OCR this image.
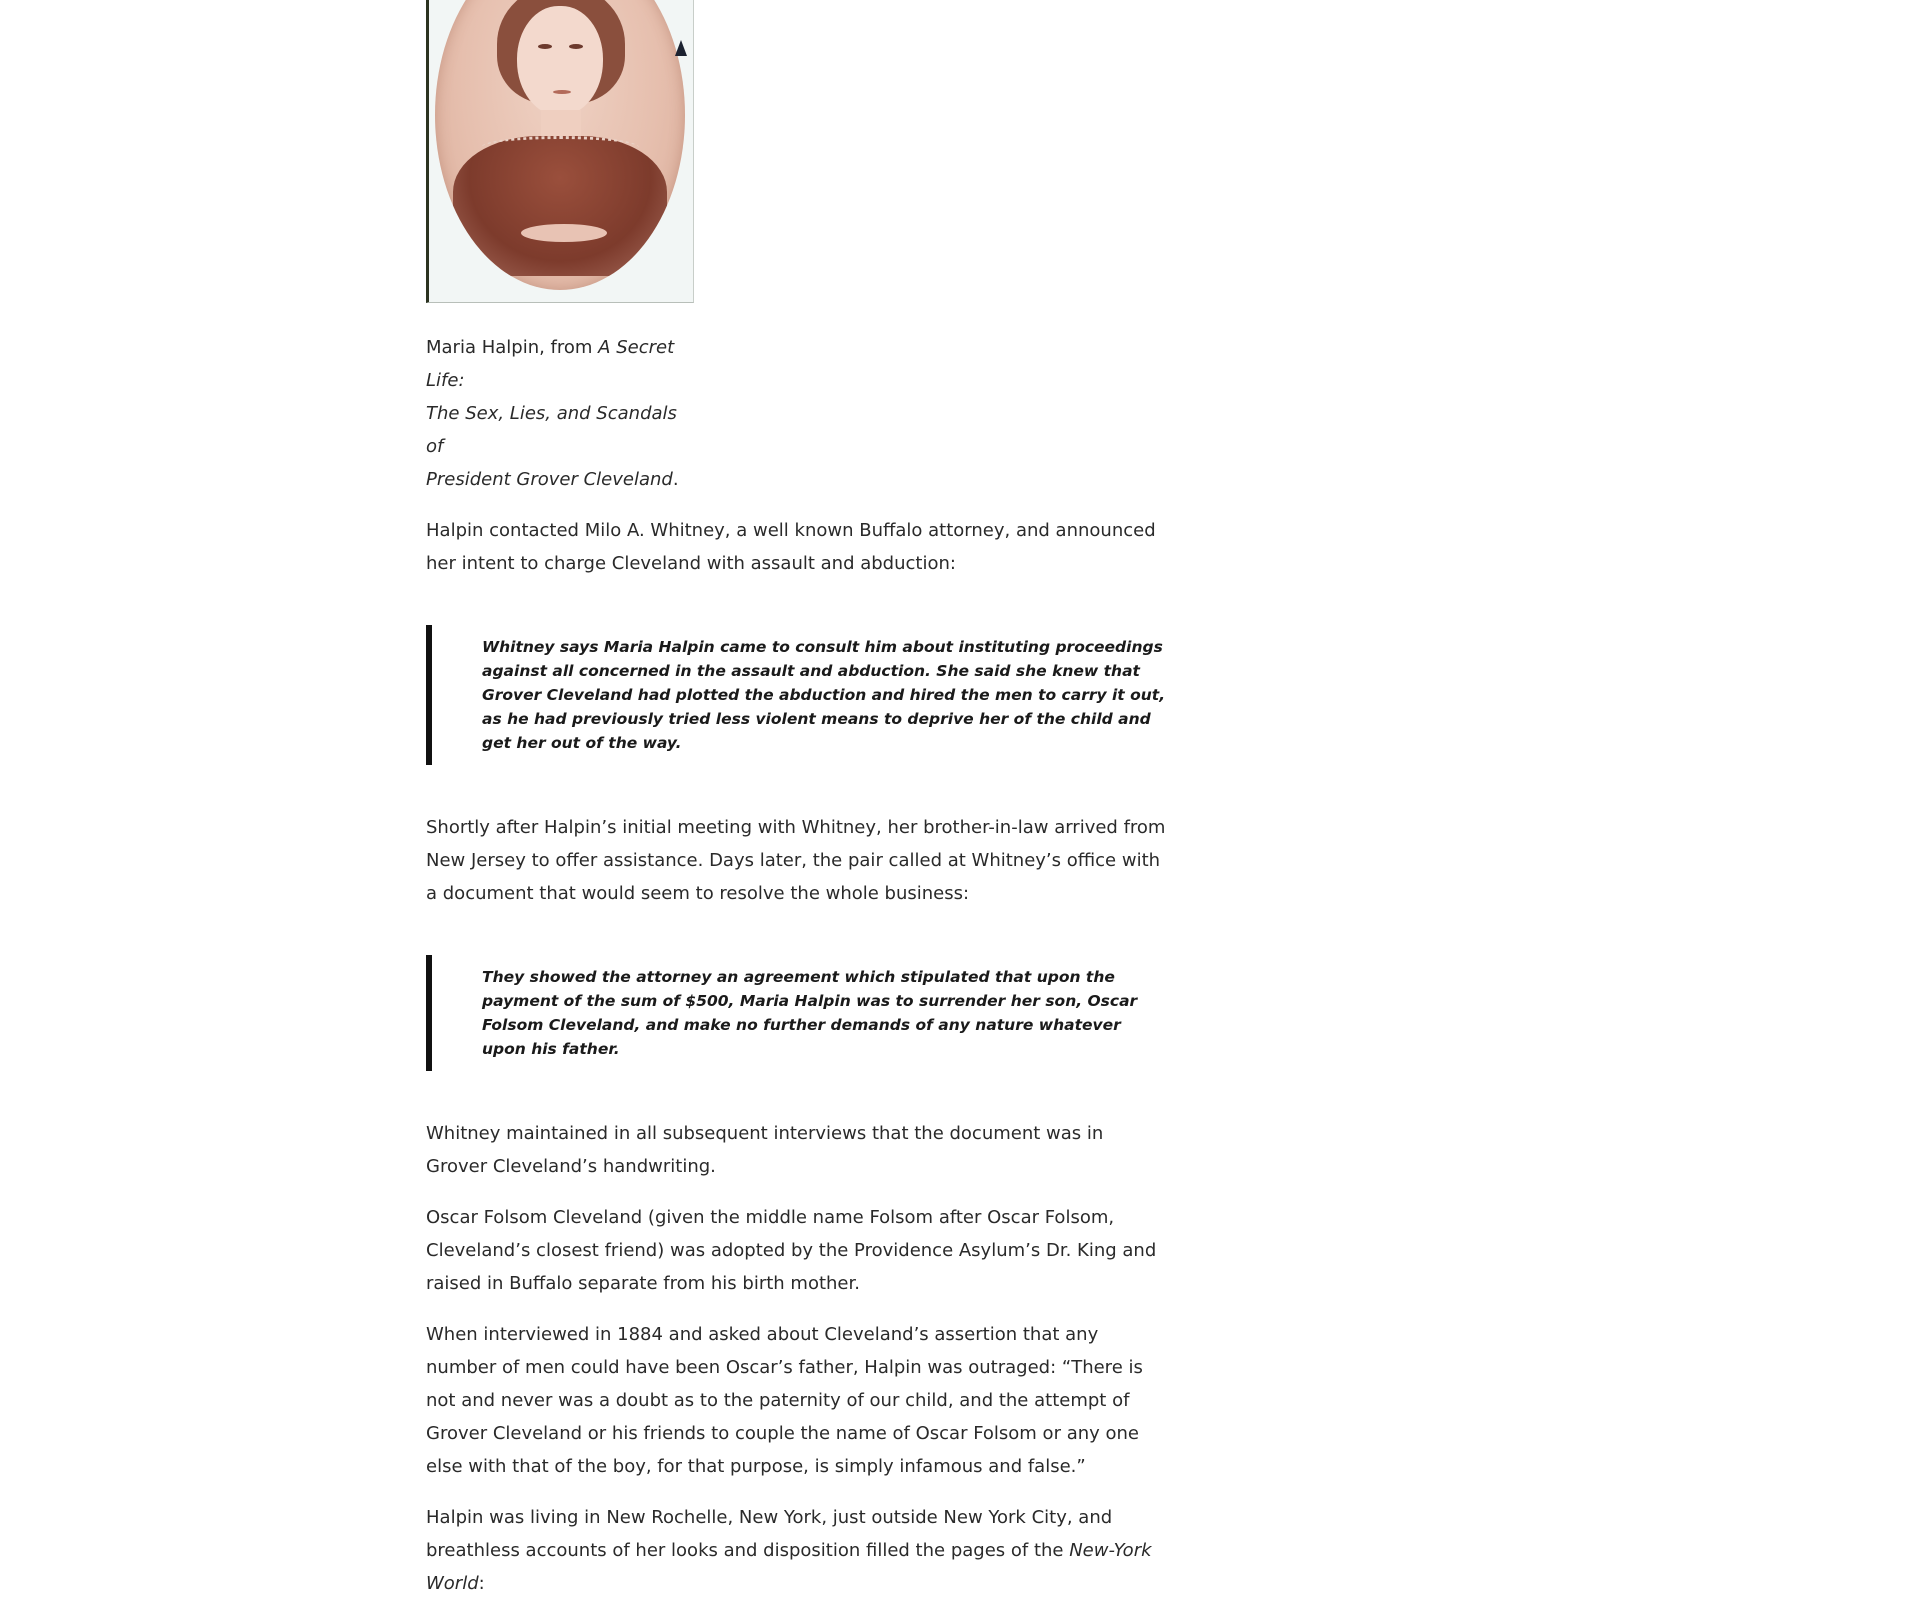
Maria Halpin, from A Secret Life:
The Sex, Lies, and Scandals of
President Grover Cleveland.

Halpin contacted Milo A. Whitney, a well known Buffalo attorney, and announced her intent to charge Cleveland with assault and abduction:

Whitney says Maria Halpin came to consult him about instituting proceedings against all concerned in the assault and abduction. She said she knew that Grover Cleveland had plotted the abduction and hired the men to carry it out, as he had previously tried less violent means to deprive her of the child and get her out of the way.

Shortly after Halpin’s initial meeting with Whitney, her brother-in-law arrived from New Jersey to offer assistance. Days later, the pair called at Whitney’s office with a document that would seem to resolve the whole business:

They showed the attorney an agreement which stipulated that upon the payment of the sum of $500, Maria Halpin was to surrender her son, Oscar Folsom Cleveland, and make no further demands of any nature whatever upon his father.

Whitney maintained in all subsequent interviews that the document was in Grover Cleveland’s handwriting.

Oscar Folsom Cleveland (given the middle name Folsom after Oscar Folsom, Cleveland’s closest friend) was adopted by the Providence Asylum’s Dr. King and raised in Buffalo separate from his birth mother.

When interviewed in 1884 and asked about Cleveland’s assertion that any number of men could have been Oscar’s father, Halpin was outraged: “There is not and never was a doubt as to the paternity of our child, and the attempt of Grover Cleveland or his friends to couple the name of Oscar Folsom or any one else with that of the boy, for that purpose, is simply infamous and false.”

Halpin was living in New Rochelle, New York, just outside New York City, and breathless accounts of her looks and disposition filled the pages of the New-York World:
